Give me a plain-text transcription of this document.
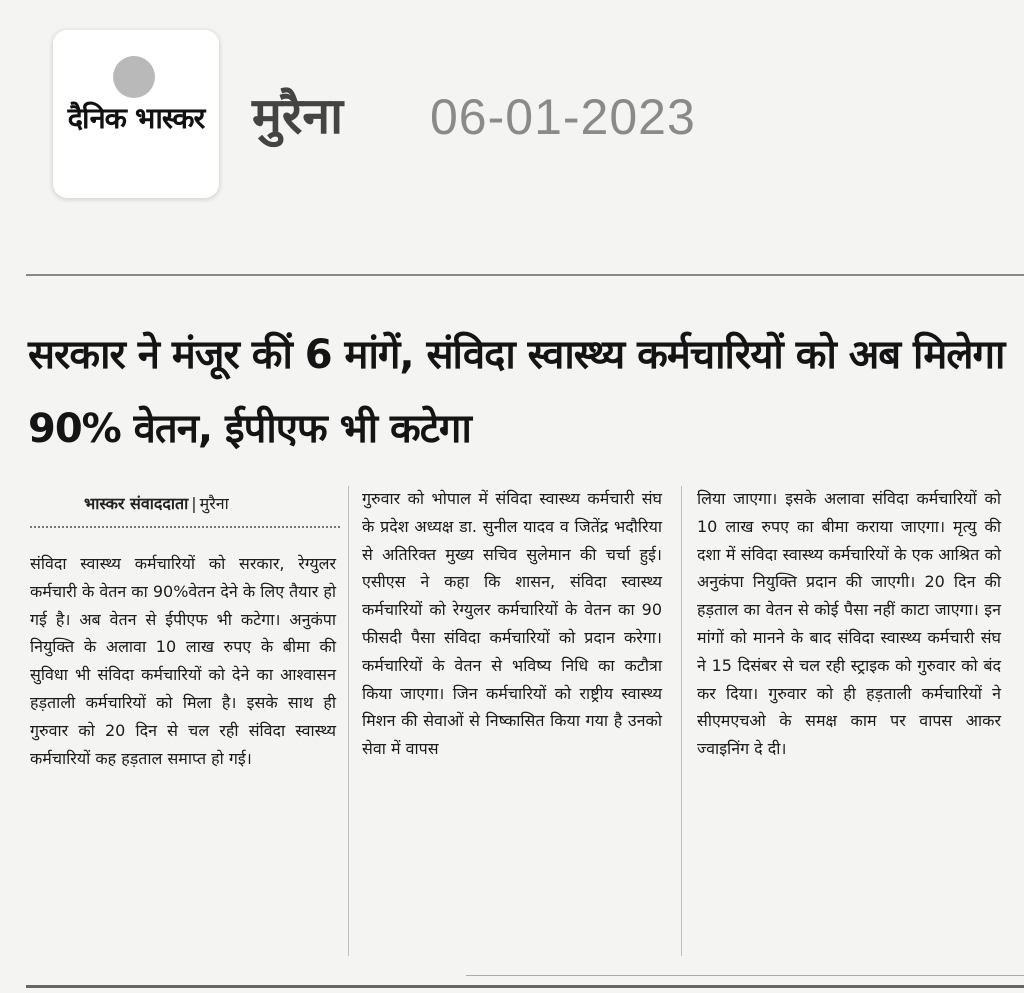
दैनिक भास्कर मुरैना 06-01-2023
सरकार ने मंजूर कीं 6 मांगें, संविदा स्वास्थ्य कर्मचारियों को अब मिलेगा 90% वेतन, ईपीएफ भी कटेगा
भास्कर संवाददाता | मुरैना
संविदा स्वास्थ्य कर्मचारियों को सरकार, रेग्युलर कर्मचारी के वेतन का 90%वेतन देने के लिए तैयार हो गई है। अब वेतन से ईपीएफ भी कटेगा। अनुकंपा नियुक्ति के अलावा 10 लाख रुपए के बीमा की सुविधा भी संविदा कर्मचारियों को देने का आश्वासन हड़ताली कर्मचारियों को मिला है। इसके साथ ही गुरुवार को 20 दिन से चल रही संविदा स्वास्थ्य कर्मचारियों कह हड़ताल समाप्त हो गई।
गुरुवार को भोपाल में संविदा स्वास्थ्य कर्मचारी संघ के प्रदेश अध्यक्ष डा. सुनील यादव व जितेंद्र भदौरिया से अतिरिक्त मुख्य सचिव सुलेमान की चर्चा हुई। एसीएस ने कहा कि शासन, संविदा स्वास्थ्य कर्मचारियों को रेग्युलर कर्मचारियों के वेतन का 90 फीसदी पैसा संविदा कर्मचारियों को प्रदान करेगा। कर्मचारियों के वेतन से भविष्य निधि का कटौत्रा किया जाएगा। जिन कर्मचारियों को राष्ट्रीय स्वास्थ्य मिशन की सेवाओं से निष्कासित किया गया है उनको सेवा में वापस
लिया जाएगा। इसके अलावा संविदा कर्मचारियों को 10 लाख रुपए का बीमा कराया जाएगा। मृत्यु की दशा में संविदा स्वास्थ्य कर्मचारियों के एक आश्रित को अनुकंपा नियुक्ति प्रदान की जाएगी। 20 दिन की हड़ताल का वेतन से कोई पैसा नहीं काटा जाएगा। इन मांगों को मानने के बाद संविदा स्वास्थ्य कर्मचारी संघ ने 15 दिसंबर से चल रही स्ट्राइक को गुरुवार को बंद कर दिया। गुरुवार को ही हड़ताली कर्मचारियों ने सीएमएचओ के समक्ष काम पर वापस आकर ज्वाइनिंग दे दी।
